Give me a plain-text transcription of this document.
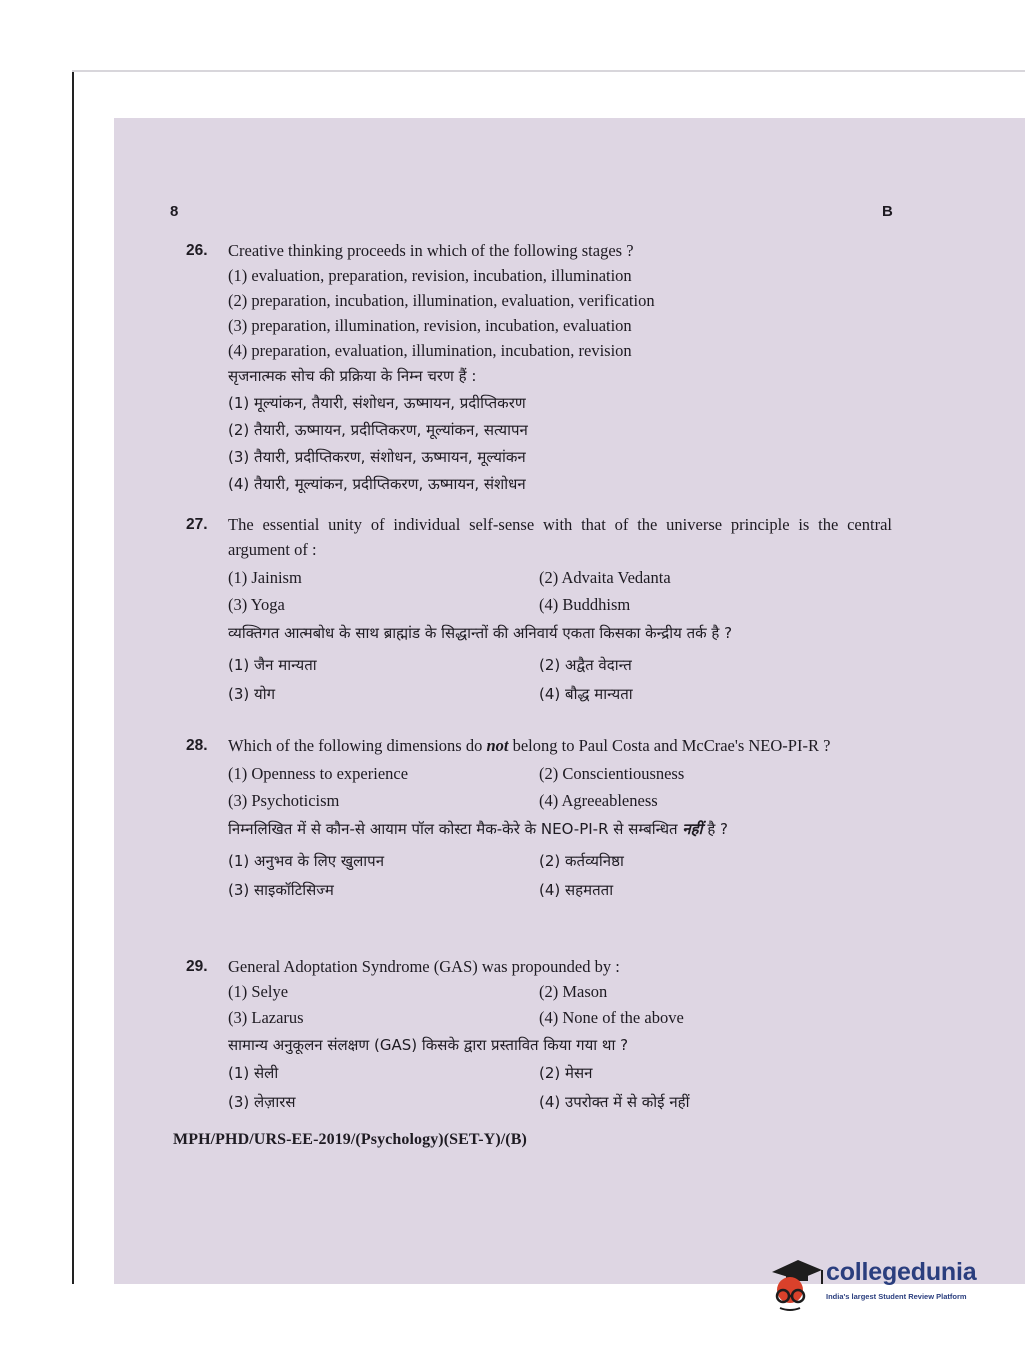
8	B
26. Creative thinking proceeds in which of the following stages ?
(1) evaluation, preparation, revision, incubation, illumination
(2) preparation, incubation, illumination, evaluation, verification
(3) preparation, illumination, revision, incubation, evaluation
(4) preparation, evaluation, illumination, incubation, revision
सृजनात्मक सोच की प्रक्रिया के निम्न चरण हैं :
(1) मूल्यांकन, तैयारी, संशोधन, ऊष्मायन, प्रदीप्तिकरण
(2) तैयारी, ऊष्मायन, प्रदीप्तिकरण, मूल्यांकन, सत्यापन
(3) तैयारी, प्रदीप्तिकरण, संशोधन, ऊष्मायन, मूल्यांकन
(4) तैयारी, मूल्यांकन, प्रदीप्तिकरण, ऊष्मायन, संशोधन
27. The essential unity of individual self-sense with that of the universe principle is the central argument of :
(1) Jainism	(2) Advaita Vedanta
(3) Yoga	(4) Buddhism
व्यक्तिगत आत्मबोध के साथ ब्राह्मांड के सिद्धान्तों की अनिवार्य एकता किसका केन्द्रीय तर्क है ?
(1) जैन मान्यता	(2) अद्वैत वेदान्त
(3) योग	(4) बौद्ध मान्यता
28. Which of the following dimensions do not belong to Paul Costa and McCrae's NEO-PI-R ?
(1) Openness to experience	(2) Conscientiousness
(3) Psychoticism	(4) Agreeableness
निम्नलिखित में से कौन-से आयाम पॉल कोस्टा मैक-केरे के NEO-PI-R से सम्बन्धित नहीं है ?
(1) अनुभव के लिए खुलापन	(2) कर्तव्यनिष्ठा
(3) साइकॉटिसिज्म	(4) सहमतता
29. General Adoptation Syndrome (GAS) was propounded by :
(1) Selye	(2) Mason
(3) Lazarus	(4) None of the above
सामान्य अनुकूलन संलक्षण (GAS) किसके द्वारा प्रस्तावित किया गया था ?
(1) सेली	(2) मेसन
(3) लेज़ारस	(4) उपरोक्त में से कोई नहीं
MPH/PHD/URS-EE-2019/(Psychology)(SET-Y)/(B)
collegedunia
India's largest Student Review Platform
